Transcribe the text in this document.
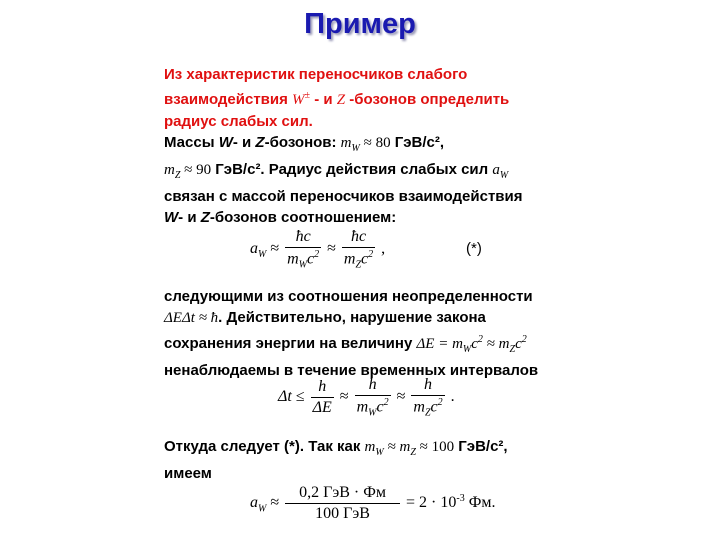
Пример
Из характеристик переносчиков слабого
взаимодействия W± - и Z -бозонов определить
радиус слабых сил.
Массы W- и Z-бозонов: $m_W \approx 80$ ГэВ/с²,
$m_Z \approx 90$ ГэВ/с². Радиус действия слабых сил $a_W$
связан с массой переносчиков взаимодействия
W- и Z-бозонов соотношением:
$a_W \approx \frac{ħc}{m_Wc^2} \approx \frac{ħc}{m_Zc^2}$ ,	(*)
следующими из соотношения неопределенности
ΔEΔt ≈ ħ. Действительно, нарушение закона
сохранения энергии на величину $\Delta E = m_Wc^2 \approx m_Zc^2$
ненаблюдаемы в течение временных интервалов
$\Delta t \le \frac{h}{\Delta E} \approx \frac{h}{m_Wc^2} \approx \frac{h}{m_Zc^2}$ .
Откуда следует (*). Так как $m_W \approx m_Z \approx 100$ ГэВ/с²,
имеем
$a_W \approx \frac{\text{0,2 ГэВ · Фм}}{\text{100 ГэВ}} = 2 \cdot 10^{-3}$ Фм.
